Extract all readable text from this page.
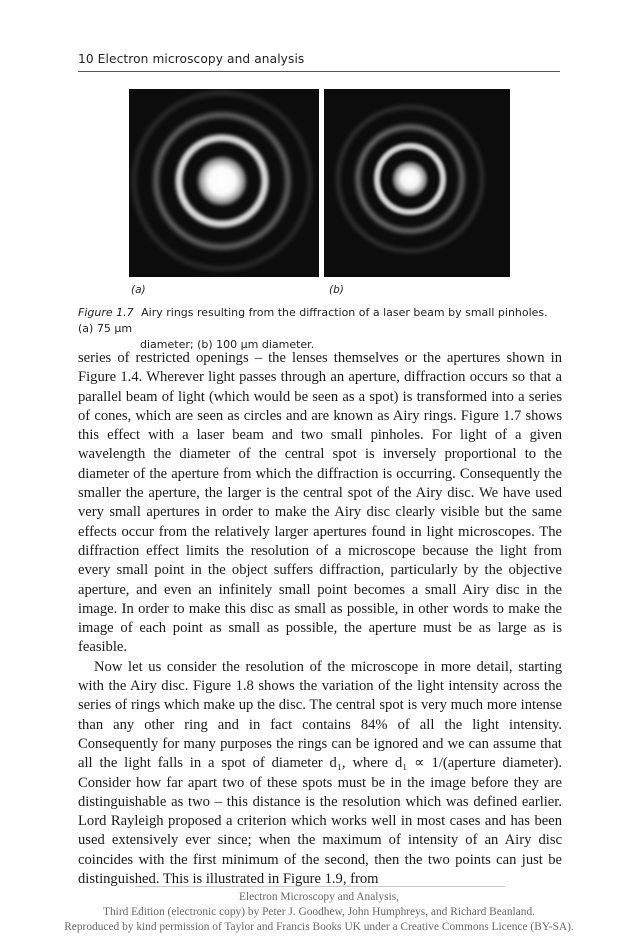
10 Electron microscopy and analysis
(a)	(b)
Figure 1.7 Airy rings resulting from the diffraction of a laser beam by small pinholes. (a) 75 μm
diameter; (b) 100 μm diameter.

series of restricted openings – the lenses themselves or the apertures shown in Figure 1.4. Wherever light passes through an aperture, diffraction occurs so that a parallel beam of light (which would be seen as a spot) is transformed into a series of cones, which are seen as circles and are known as Airy rings. Figure 1.7 shows this effect with a laser beam and two small pinholes. For light of a given wavelength the diameter of the central spot is inversely proportional to the diameter of the aperture from which the diffraction is occurring. Consequently the smaller the aperture, the larger is the central spot of the Airy disc. We have used very small apertures in order to make the Airy disc clearly visible but the same effects occur from the relatively larger apertures found in light microscopes. The diffraction effect limits the resolution of a microscope because the light from every small point in the object suffers diffraction, particularly by the objective aperture, and even an infinitely small point becomes a small Airy disc in the image. In order to make this disc as small as possible, in other words to make the image of each point as small as possible, the aperture must be as large as is feasible.

Now let us consider the resolution of the microscope in more detail, starting with the Airy disc. Figure 1.8 shows the variation of the light intensity across the series of rings which make up the disc. The central spot is very much more intense than any other ring and in fact contains 84% of all the light intensity. Consequently for many purposes the rings can be ignored and we can assume that all the light falls in a spot of diameter d₁, where d₁ ∝ 1/(aperture diameter). Consider how far apart two of these spots must be in the image before they are distinguishable as two – this distance is the resolution which was defined earlier. Lord Rayleigh proposed a criterion which works well in most cases and has been used extensively ever since; when the maximum of intensity of an Airy disc coincides with the first minimum of the second, then the two points can just be distinguished. This is illustrated in Figure 1.9, from

Electron Microscopy and Analysis,
Third Edition (electronic copy) by Peter J. Goodhew, John Humphreys, and Richard Beanland.
Reproduced by kind permission of Taylor and Francis Books UK under a Creative Commons Licence (BY-SA).
